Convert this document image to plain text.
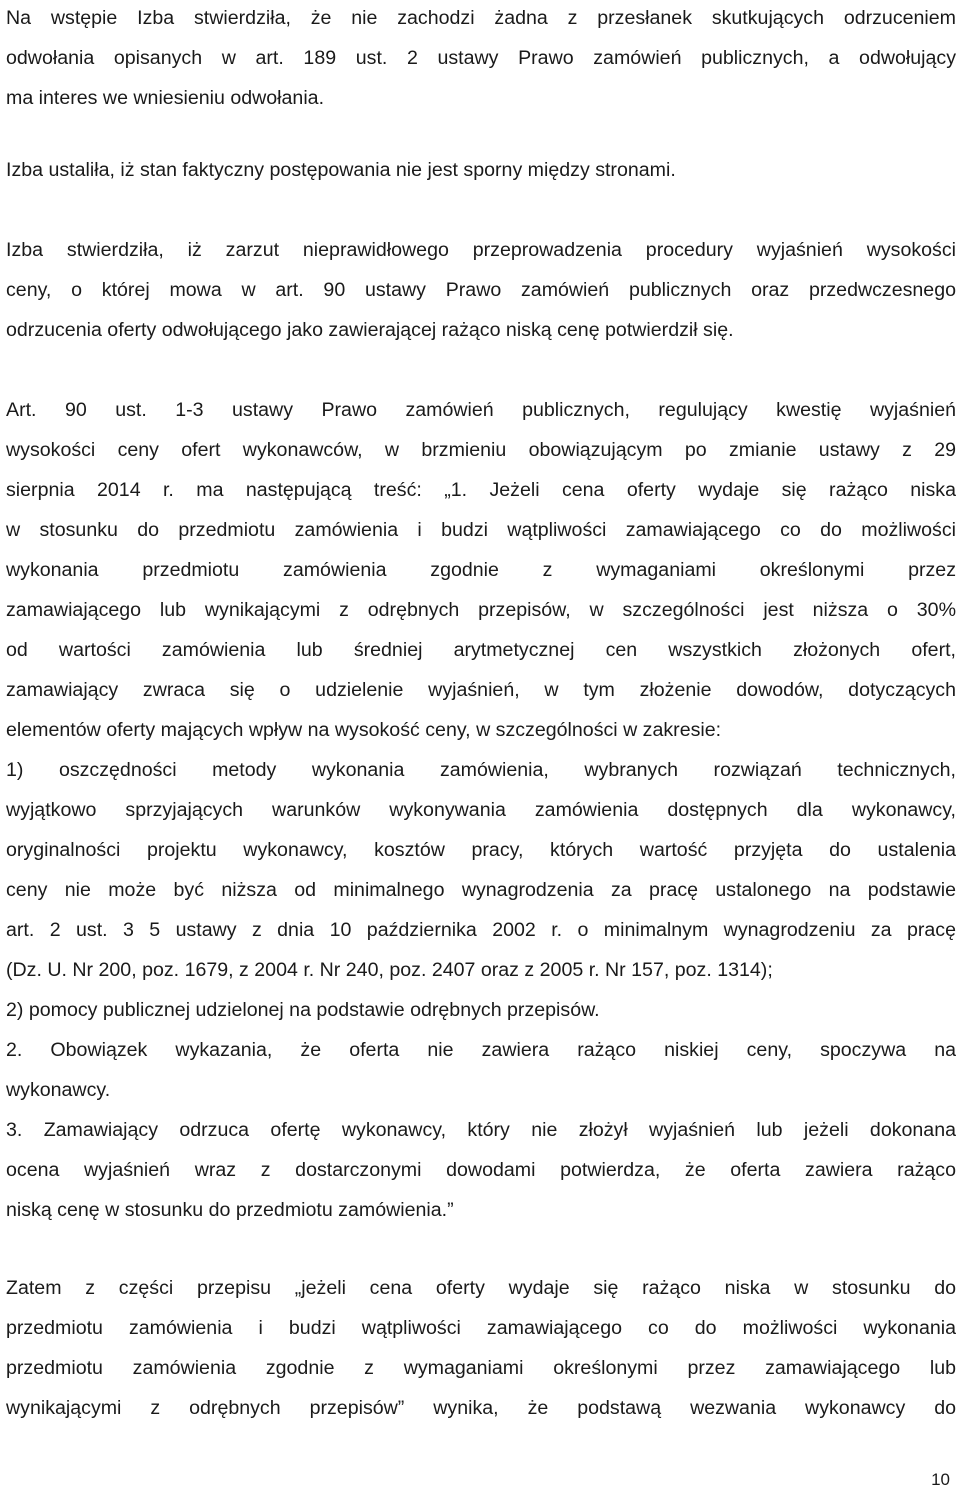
Na wstępie Izba stwierdziła, że nie zachodzi żadna z przesłanek skutkujących odrzuceniem
odwołania opisanych w art. 189 ust. 2 ustawy Prawo zamówień publicznych, a odwołujący
ma interes we wniesieniu odwołania.

Izba ustaliła, iż stan faktyczny postępowania nie jest sporny między stronami.

Izba stwierdziła, iż zarzut nieprawidłowego przeprowadzenia procedury wyjaśnień wysokości
ceny, o której mowa w art. 90 ustawy Prawo zamówień publicznych oraz przedwczesnego
odrzucenia oferty odwołującego jako zawierającej rażąco niską cenę potwierdził się.

Art. 90 ust. 1-3 ustawy Prawo zamówień publicznych, regulujący kwestię wyjaśnień
wysokości ceny ofert wykonawców, w brzmieniu obowiązującym po zmianie ustawy z 29
sierpnia 2014 r. ma następującą treść: „1. Jeżeli cena oferty wydaje się rażąco niska
w stosunku do przedmiotu zamówienia i budzi wątpliwości zamawiającego co do możliwości
wykonania przedmiotu zamówienia zgodnie z wymaganiami określonymi przez
zamawiającego lub wynikającymi z odrębnych przepisów, w szczególności jest niższa o 30%
od wartości zamówienia lub średniej arytmetycznej cen wszystkich złożonych ofert,
zamawiający zwraca się o udzielenie wyjaśnień, w tym złożenie dowodów, dotyczących
elementów oferty mających wpływ na wysokość ceny, w szczególności w zakresie:
1) oszczędności metody wykonania zamówienia, wybranych rozwiązań technicznych,
wyjątkowo sprzyjających warunków wykonywania zamówienia dostępnych dla wykonawcy,
oryginalności projektu wykonawcy, kosztów pracy, których wartość przyjęta do ustalenia
ceny nie może być niższa od minimalnego wynagrodzenia za pracę ustalonego na podstawie
art. 2 ust. 3 5 ustawy z dnia 10 października 2002 r. o minimalnym wynagrodzeniu za pracę
(Dz. U. Nr 200, poz. 1679, z 2004 r. Nr 240, poz. 2407 oraz z 2005 r. Nr 157, poz. 1314);
2) pomocy publicznej udzielonej na podstawie odrębnych przepisów.
2. Obowiązek wykazania, że oferta nie zawiera rażąco niskiej ceny, spoczywa na
wykonawcy.
3. Zamawiający odrzuca ofertę wykonawcy, który nie złożył wyjaśnień lub jeżeli dokonana
ocena wyjaśnień wraz z dostarczonymi dowodami potwierdza, że oferta zawiera rażąco
niską cenę w stosunku do przedmiotu zamówienia.”

Zatem z części przepisu „jeżeli cena oferty wydaje się rażąco niska w stosunku do
przedmiotu zamówienia i budzi wątpliwości zamawiającego co do możliwości wykonania
przedmiotu zamówienia zgodnie z wymaganiami określonymi przez zamawiającego lub
wynikającymi z odrębnych przepisów” wynika, że podstawą wezwania wykonawcy do

10
